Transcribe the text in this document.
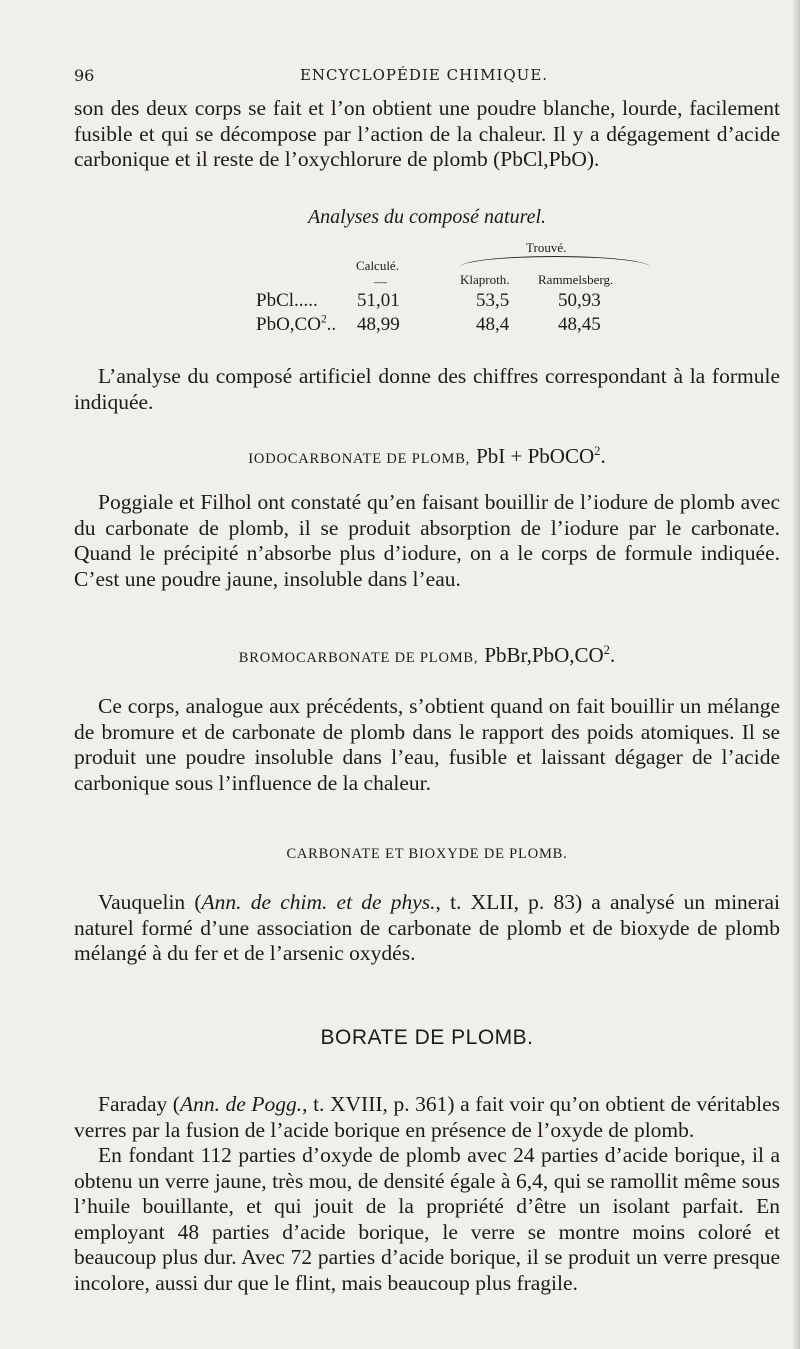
96	ENCYCLOPÉDIE CHIMIQUE.

son des deux corps se fait et l’on obtient une poudre blanche, lourde, facilement fusible et qui se décompose par l’action de la chaleur. Il y a dégagement d’acide carbonique et il reste de l’oxychlorure de plomb (PbCl,PbO).

Analyses du composé naturel.
Calculé.
—
Trouvé.
Klaproth. Rammelsberg.
PbCl..... 51,01	53,5	50,93
$PbO,CO^2$.. 48,99	48,4	48,45

L’analyse du composé artificiel donne des chiffres correspondant à la formule indiquée.

IODOCARBONATE DE PLOMB, PbI + PbOCO$^2$.

Poggiale et Filhol ont constaté qu’en faisant bouillir de l’iodure de plomb avec du carbonate de plomb, il se produit absorption de l’iodure par le carbonate. Quand le précipité n’absorbe plus d’iodure, on a le corps de formule indiquée. C’est une poudre jaune, insoluble dans l’eau.

BROMOCARBONATE DE PLOMB, $PbBr,PbO,CO^2$.

Ce corps, analogue aux précédents, s’obtient quand on fait bouillir un mélange de bromure et de carbonate de plomb dans le rapport des poids atomiques. Il se produit une poudre insoluble dans l’eau, fusible et laissant dégager de l’acide carbonique sous l’influence de la chaleur.

CARBONATE ET BIOXYDE DE PLOMB.

Vauquelin (Ann. de chim. et de phys., t. XLII, p. 83) a analysé un minerai naturel formé d’une association de carbonate de plomb et de bioxyde de plomb mélangé à du fer et de l’arsenic oxydés.

BORATE DE PLOMB.

Faraday (Ann. de Pogg., t. XVIII, p. 361) a fait voir qu’on obtient de véritables verres par la fusion de l’acide borique en présence de l’oxyde de plomb.

En fondant 112 parties d’oxyde de plomb avec 24 parties d’acide borique, il a obtenu un verre jaune, très mou, de densité égale à 6,4, qui se ramollit même sous l’huile bouillante, et qui jouit de la propriété d’être un isolant parfait. En employant 48 parties d’acide borique, le verre se montre moins coloré et beaucoup plus dur. Avec 72 parties d’acide borique, il se produit un verre presque incolore, aussi dur que le flint, mais beaucoup plus fragile.
